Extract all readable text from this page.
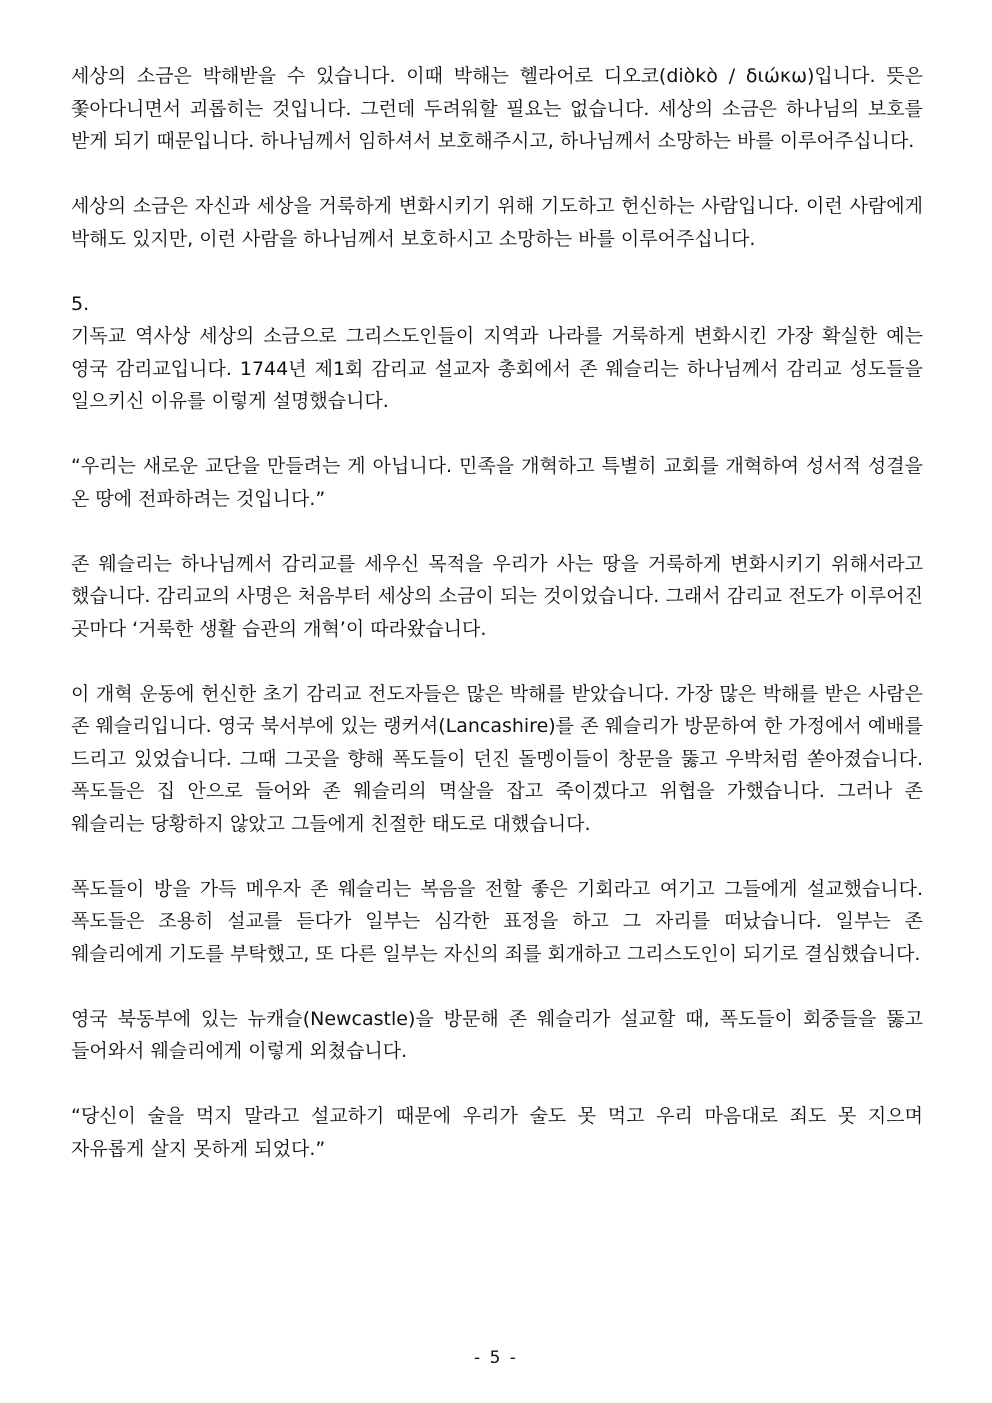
세상의 소금은 박해받을 수 있습니다. 이때 박해는 헬라어로 디오코(diὸkὸ / διώκω)입니다. 뜻은 쫓아다니면서 괴롭히는 것입니다. 그런데 두려워할 필요는 없습니다. 세상의 소금은 하나님의 보호를 받게 되기 때문입니다. 하나님께서 임하셔서 보호해주시고, 하나님께서 소망하는 바를 이루어주십니다.

세상의 소금은 자신과 세상을 거룩하게 변화시키기 위해 기도하고 헌신하는 사람입니다. 이런 사람에게 박해도 있지만, 이런 사람을 하나님께서 보호하시고 소망하는 바를 이루어주십니다.

5.

기독교 역사상 세상의 소금으로 그리스도인들이 지역과 나라를 거룩하게 변화시킨 가장 확실한 예는 영국 감리교입니다. 1744년 제1회 감리교 설교자 총회에서 존 웨슬리는 하나님께서 감리교 성도들을 일으키신 이유를 이렇게 설명했습니다.

“우리는 새로운 교단을 만들려는 게 아닙니다. 민족을 개혁하고 특별히 교회를 개혁하여 성서적 성결을 온 땅에 전파하려는 것입니다.”

존 웨슬리는 하나님께서 감리교를 세우신 목적을 우리가 사는 땅을 거룩하게 변화시키기 위해서라고 했습니다. 감리교의 사명은 처음부터 세상의 소금이 되는 것이었습니다. 그래서 감리교 전도가 이루어진 곳마다 ‘거룩한 생활 습관의 개혁’이 따라왔습니다.

이 개혁 운동에 헌신한 초기 감리교 전도자들은 많은 박해를 받았습니다. 가장 많은 박해를 받은 사람은 존 웨슬리입니다. 영국 북서부에 있는 랭커셔(Lancashire)를 존 웨슬리가 방문하여 한 가정에서 예배를 드리고 있었습니다. 그때 그곳을 향해 폭도들이 던진 돌멩이들이 창문을 뚫고 우박처럼 쏟아졌습니다. 폭도들은 집 안으로 들어와 존 웨슬리의 멱살을 잡고 죽이겠다고 위협을 가했습니다. 그러나 존 웨슬리는 당황하지 않았고 그들에게 친절한 태도로 대했습니다.

폭도들이 방을 가득 메우자 존 웨슬리는 복음을 전할 좋은 기회라고 여기고 그들에게 설교했습니다. 폭도들은 조용히 설교를 듣다가 일부는 심각한 표정을 하고 그 자리를 떠났습니다. 일부는 존 웨슬리에게 기도를 부탁했고, 또 다른 일부는 자신의 죄를 회개하고 그리스도인이 되기로 결심했습니다.

영국 북동부에 있는 뉴캐슬(Newcastle)을 방문해 존 웨슬리가 설교할 때, 폭도들이 회중들을 뚫고 들어와서 웨슬리에게 이렇게 외쳤습니다.

“당신이 술을 먹지 말라고 설교하기 때문에 우리가 술도 못 먹고 우리 마음대로 죄도 못 지으며 자유롭게 살지 못하게 되었다.”

- 5 -
